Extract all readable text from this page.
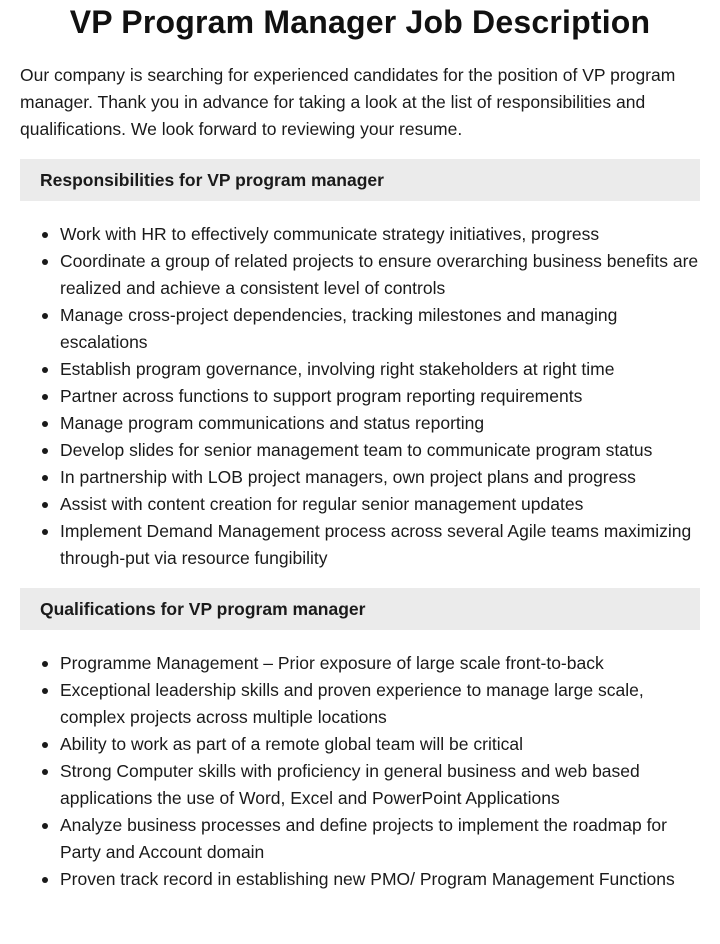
VP Program Manager Job Description

Our company is searching for experienced candidates for the position of VP program manager. Thank you in advance for taking a look at the list of responsibilities and qualifications. We look forward to reviewing your resume.

Responsibilities for VP program manager
Work with HR to effectively communicate strategy initiatives, progress
Coordinate a group of related projects to ensure overarching business benefits are realized and achieve a consistent level of controls
Manage cross-project dependencies, tracking milestones and managing escalations
Establish program governance, involving right stakeholders at right time
Partner across functions to support program reporting requirements
Manage program communications and status reporting
Develop slides for senior management team to communicate program status
In partnership with LOB project managers, own project plans and progress
Assist with content creation for regular senior management updates
Implement Demand Management process across several Agile teams maximizing through-put via resource fungibility
Qualifications for VP program manager
Programme Management – Prior exposure of large scale front-to-back
Exceptional leadership skills and proven experience to manage large scale, complex projects across multiple locations
Ability to work as part of a remote global team will be critical
Strong Computer skills with proficiency in general business and web based applications the use of Word, Excel and PowerPoint Applications
Analyze business processes and define projects to implement the roadmap for Party and Account domain
Proven track record in establishing new PMO/ Program Management Functions
